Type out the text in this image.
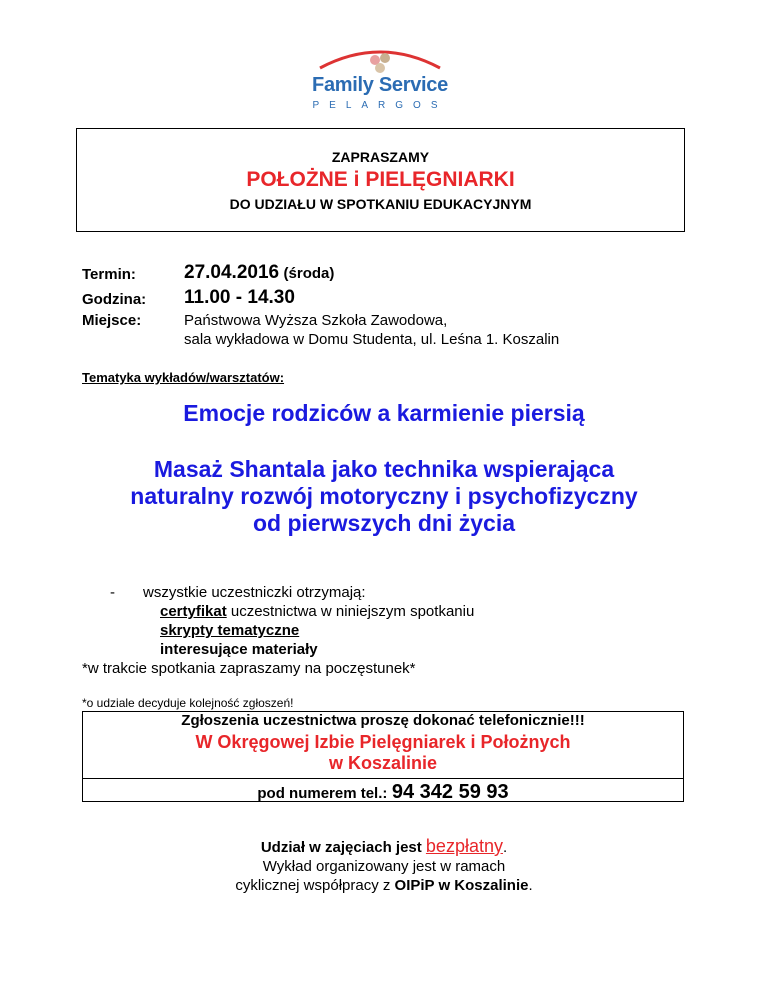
Family Service
PELARGOS
ZAPRASZAMY
POŁOŻNE i PIELĘGNIARKI
DO UDZIAŁU W SPOTKANIU EDUKACYJNYM
Termin:	27.04.2016 (środa)
Godzina: 11.00 - 14.30
Miejsce:	Państwowa Wyższa Szkoła Zawodowa,
sala wykładowa w Domu Studenta, ul. Leśna 1. Koszalin
Tematyka wykładów/warsztatów:
Emocje rodziców a karmienie piersią
Masaż Shantala jako technika wspierająca
naturalny rozwój motoryczny i psychofizyczny
od pierwszych dni życia
- wszystkie uczestniczki otrzymają:
certyfikat uczestnictwa w niniejszym spotkaniu
skrypty tematyczne
interesujące materiały
*w trakcie spotkania zapraszamy na poczęstunek*
*o udziale decyduje kolejność zgłoszeń!
Zgłoszenia uczestnictwa proszę dokonać telefonicznie!!!
W Okręgowej Izbie Pielęgniarek i Położnych
w Koszalinie
pod numerem tel.: 94 342 59 93
Udział w zajęciach jest bezpłatny.
Wykład organizowany jest w ramach
cyklicznej współpracy z OIPiP w Koszalinie.
